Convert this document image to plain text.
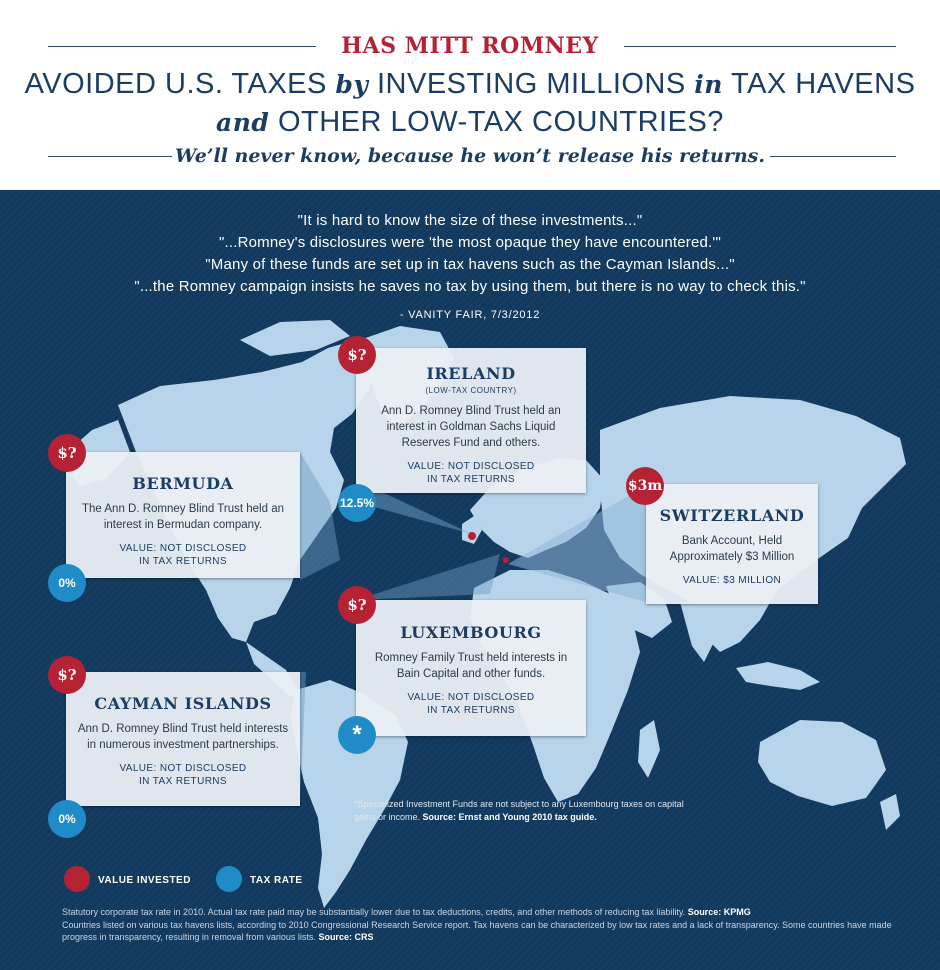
HAS MITT ROMNEY
AVOIDED U.S. TAXES by INVESTING MILLIONS in TAX HAVENS
and OTHER LOW-TAX COUNTRIES?
We’ll never know, because he won’t release his returns.
"It is hard to know the size of these investments..."
"...Romney's disclosures were 'the most opaque they have encountered.'"
"Many of these funds are set up in tax havens such as the Cayman Islands..."
"...the Romney campaign insists he saves no tax by using them, but there is no way to check this."
- VANITY FAIR, 7/3/2012
IRELAND
(LOW-TAX COUNTRY)
Ann D. Romney Blind Trust held an interest in Goldman Sachs Liquid Reserves Fund and others.
VALUE: NOT DISCLOSED
IN TAX RETURNS
$?
12.5%
BERMUDA
The Ann D. Romney Blind Trust held an interest in Bermudan company.
VALUE: NOT DISCLOSED
IN TAX RETURNS
$?
0%
SWITZERLAND
Bank Account, Held Approximately $3 Million
VALUE: $3 MILLION
$3m
LUXEMBOURG
Romney Family Trust held interests in Bain Capital and other funds.
VALUE: NOT DISCLOSED
IN TAX RETURNS
$?
*
CAYMAN ISLANDS
Ann D. Romney Blind Trust held interests in numerous investment partnerships.
VALUE: NOT DISCLOSED
IN TAX RETURNS
$?
0%
*Specialized Investment Funds are not subject to any Luxembourg taxes on capital gains or income. Source: Ernst and Young 2010 tax guide.
VALUE INVESTED	TAX RATE
Statutory corporate tax rate in 2010. Actual tax rate paid may be substantially lower due to tax deductions, credits, and other methods of reducing tax liability. Source: KPMG
Countries listed on various tax havens lists, according to 2010 Congressional Research Service report. Tax havens can be characterized by low tax rates and a lack of transparency. Some countries have made progress in transparency, resulting in removal from various lists. Source: CRS
